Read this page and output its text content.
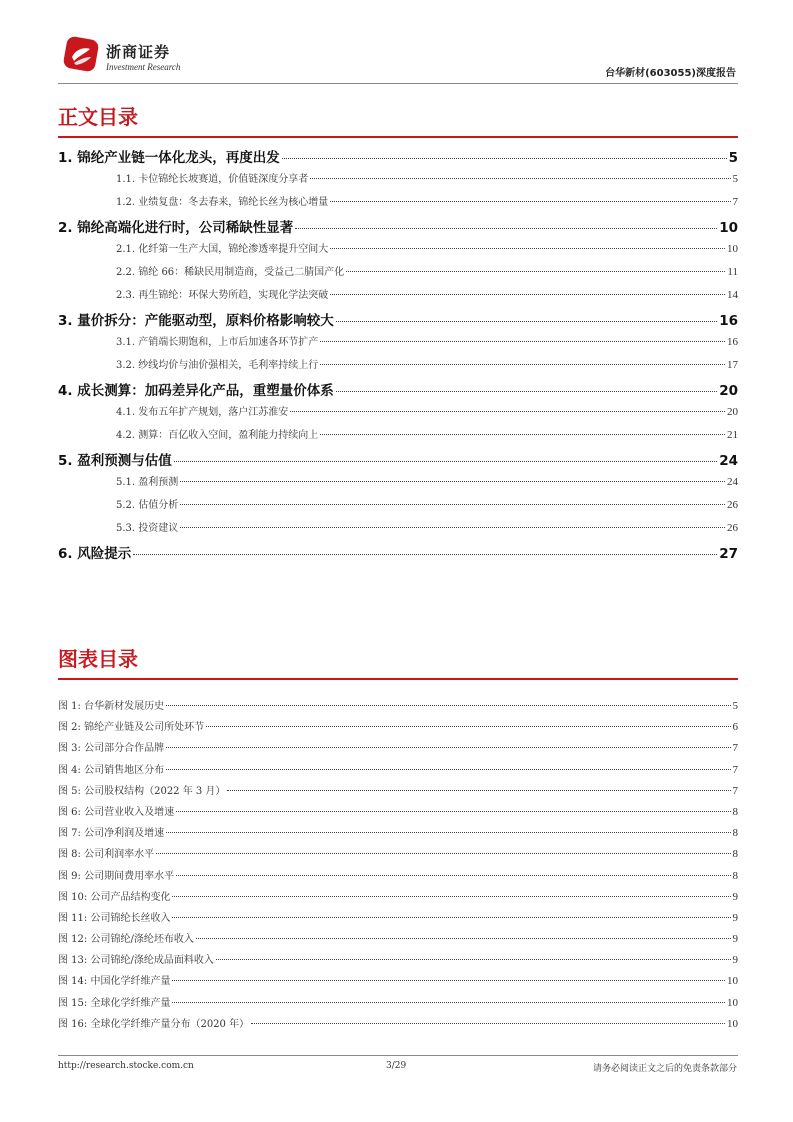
浙商证券
Investment Research
台华新材(603055)深度报告
正文目录
1. 锦纶产业链一体化龙头，再度出发	5
1.1. 卡位锦纶长坡赛道，价值链深度分享者	5
1.2. 业绩复盘：冬去春来，锦纶长丝为核心增量	7
2. 锦纶高端化进行时，公司稀缺性显著	10
2.1. 化纤第一生产大国，锦纶渗透率提升空间大	10
2.2. 锦纶 66：稀缺民用制造商，受益己二腈国产化	11
2.3. 再生锦纶：环保大势所趋，实现化学法突破	14
3. 量价拆分：产能驱动型，原料价格影响较大	16
3.1. 产销端长期饱和，上市后加速各环节扩产	16
3.2. 纱线均价与油价强相关，毛利率持续上行	17
4. 成长测算：加码差异化产品，重塑量价体系	20
4.1. 发布五年扩产规划，落户江苏淮安	20
4.2. 测算：百亿收入空间，盈利能力持续向上	21
5. 盈利预测与估值	24
5.1. 盈利预测	24
5.2. 估值分析	26
5.3. 投资建议	26
6. 风险提示	27
图表目录
图 1: 台华新材发展历史	5
图 2: 锦纶产业链及公司所处环节	6
图 3: 公司部分合作品牌	7
图 4: 公司销售地区分布	7
图 5: 公司股权结构（2022 年 3 月）	7
图 6: 公司营业收入及增速	8
图 7: 公司净利润及增速	8
图 8: 公司利润率水平	8
图 9: 公司期间费用率水平	8
图 10: 公司产品结构变化	9
图 11: 公司锦纶长丝收入	9
图 12: 公司锦纶/涤纶坯布收入	9
图 13: 公司锦纶/涤纶成品面料收入	9
图 14: 中国化学纤维产量	10
图 15: 全球化学纤维产量	10
图 16: 全球化学纤维产量分布（2020 年）	10
http://research.stocke.com.cn	3/29	请务必阅读正文之后的免责条款部分
